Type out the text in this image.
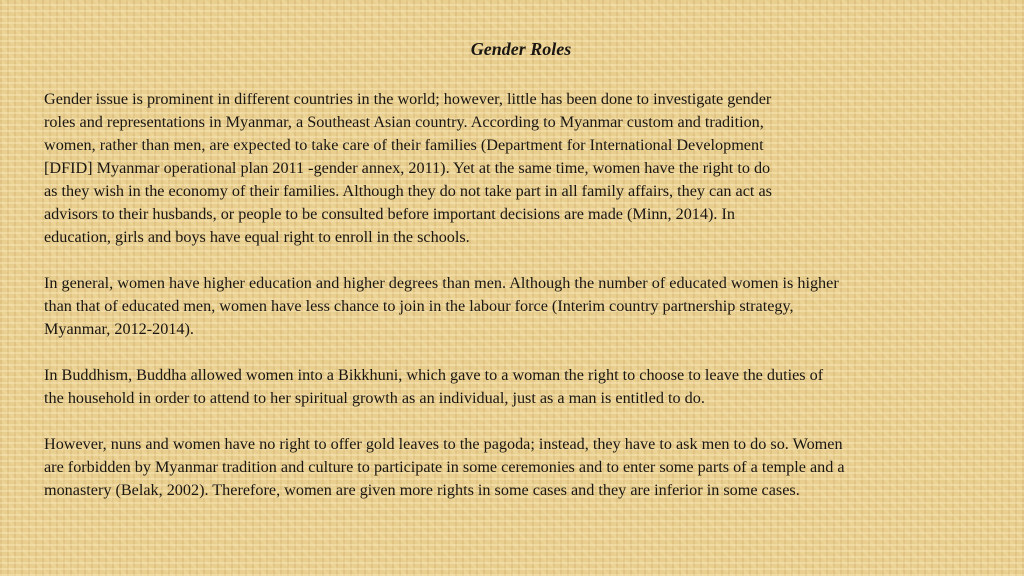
Gender Roles

Gender issue is prominent in different countries in the world; however, little has been done to investigate gender
roles and representations in Myanmar, a Southeast Asian country. According to Myanmar custom and tradition,
women, rather than men, are expected to take care of their families (Department for International Development
[DFID] Myanmar operational plan 2011 -gender annex, 2011). Yet at the same time, women have the right to do
as they wish in the economy of their families. Although they do not take part in all family affairs, they can act as
advisors to their husbands, or people to be consulted before important decisions are made (Minn, 2014). In
education, girls and boys have equal right to enroll in the schools.

In general, women have higher education and higher degrees than men. Although the number of educated women is higher
than that of educated men, women have less chance to join in the labour force (Interim country partnership strategy,
Myanmar, 2012-2014).

In Buddhism, Buddha allowed women into a Bikkhuni, which gave to a woman the right to choose to leave the duties of
the household in order to attend to her spiritual growth as an individual, just as a man is entitled to do.

However, nuns and women have no right to offer gold leaves to the pagoda; instead, they have to ask men to do so. Women
are forbidden by Myanmar tradition and culture to participate in some ceremonies and to enter some parts of a temple and a
monastery (Belak, 2002). Therefore, women are given more rights in some cases and they are inferior in some cases.
